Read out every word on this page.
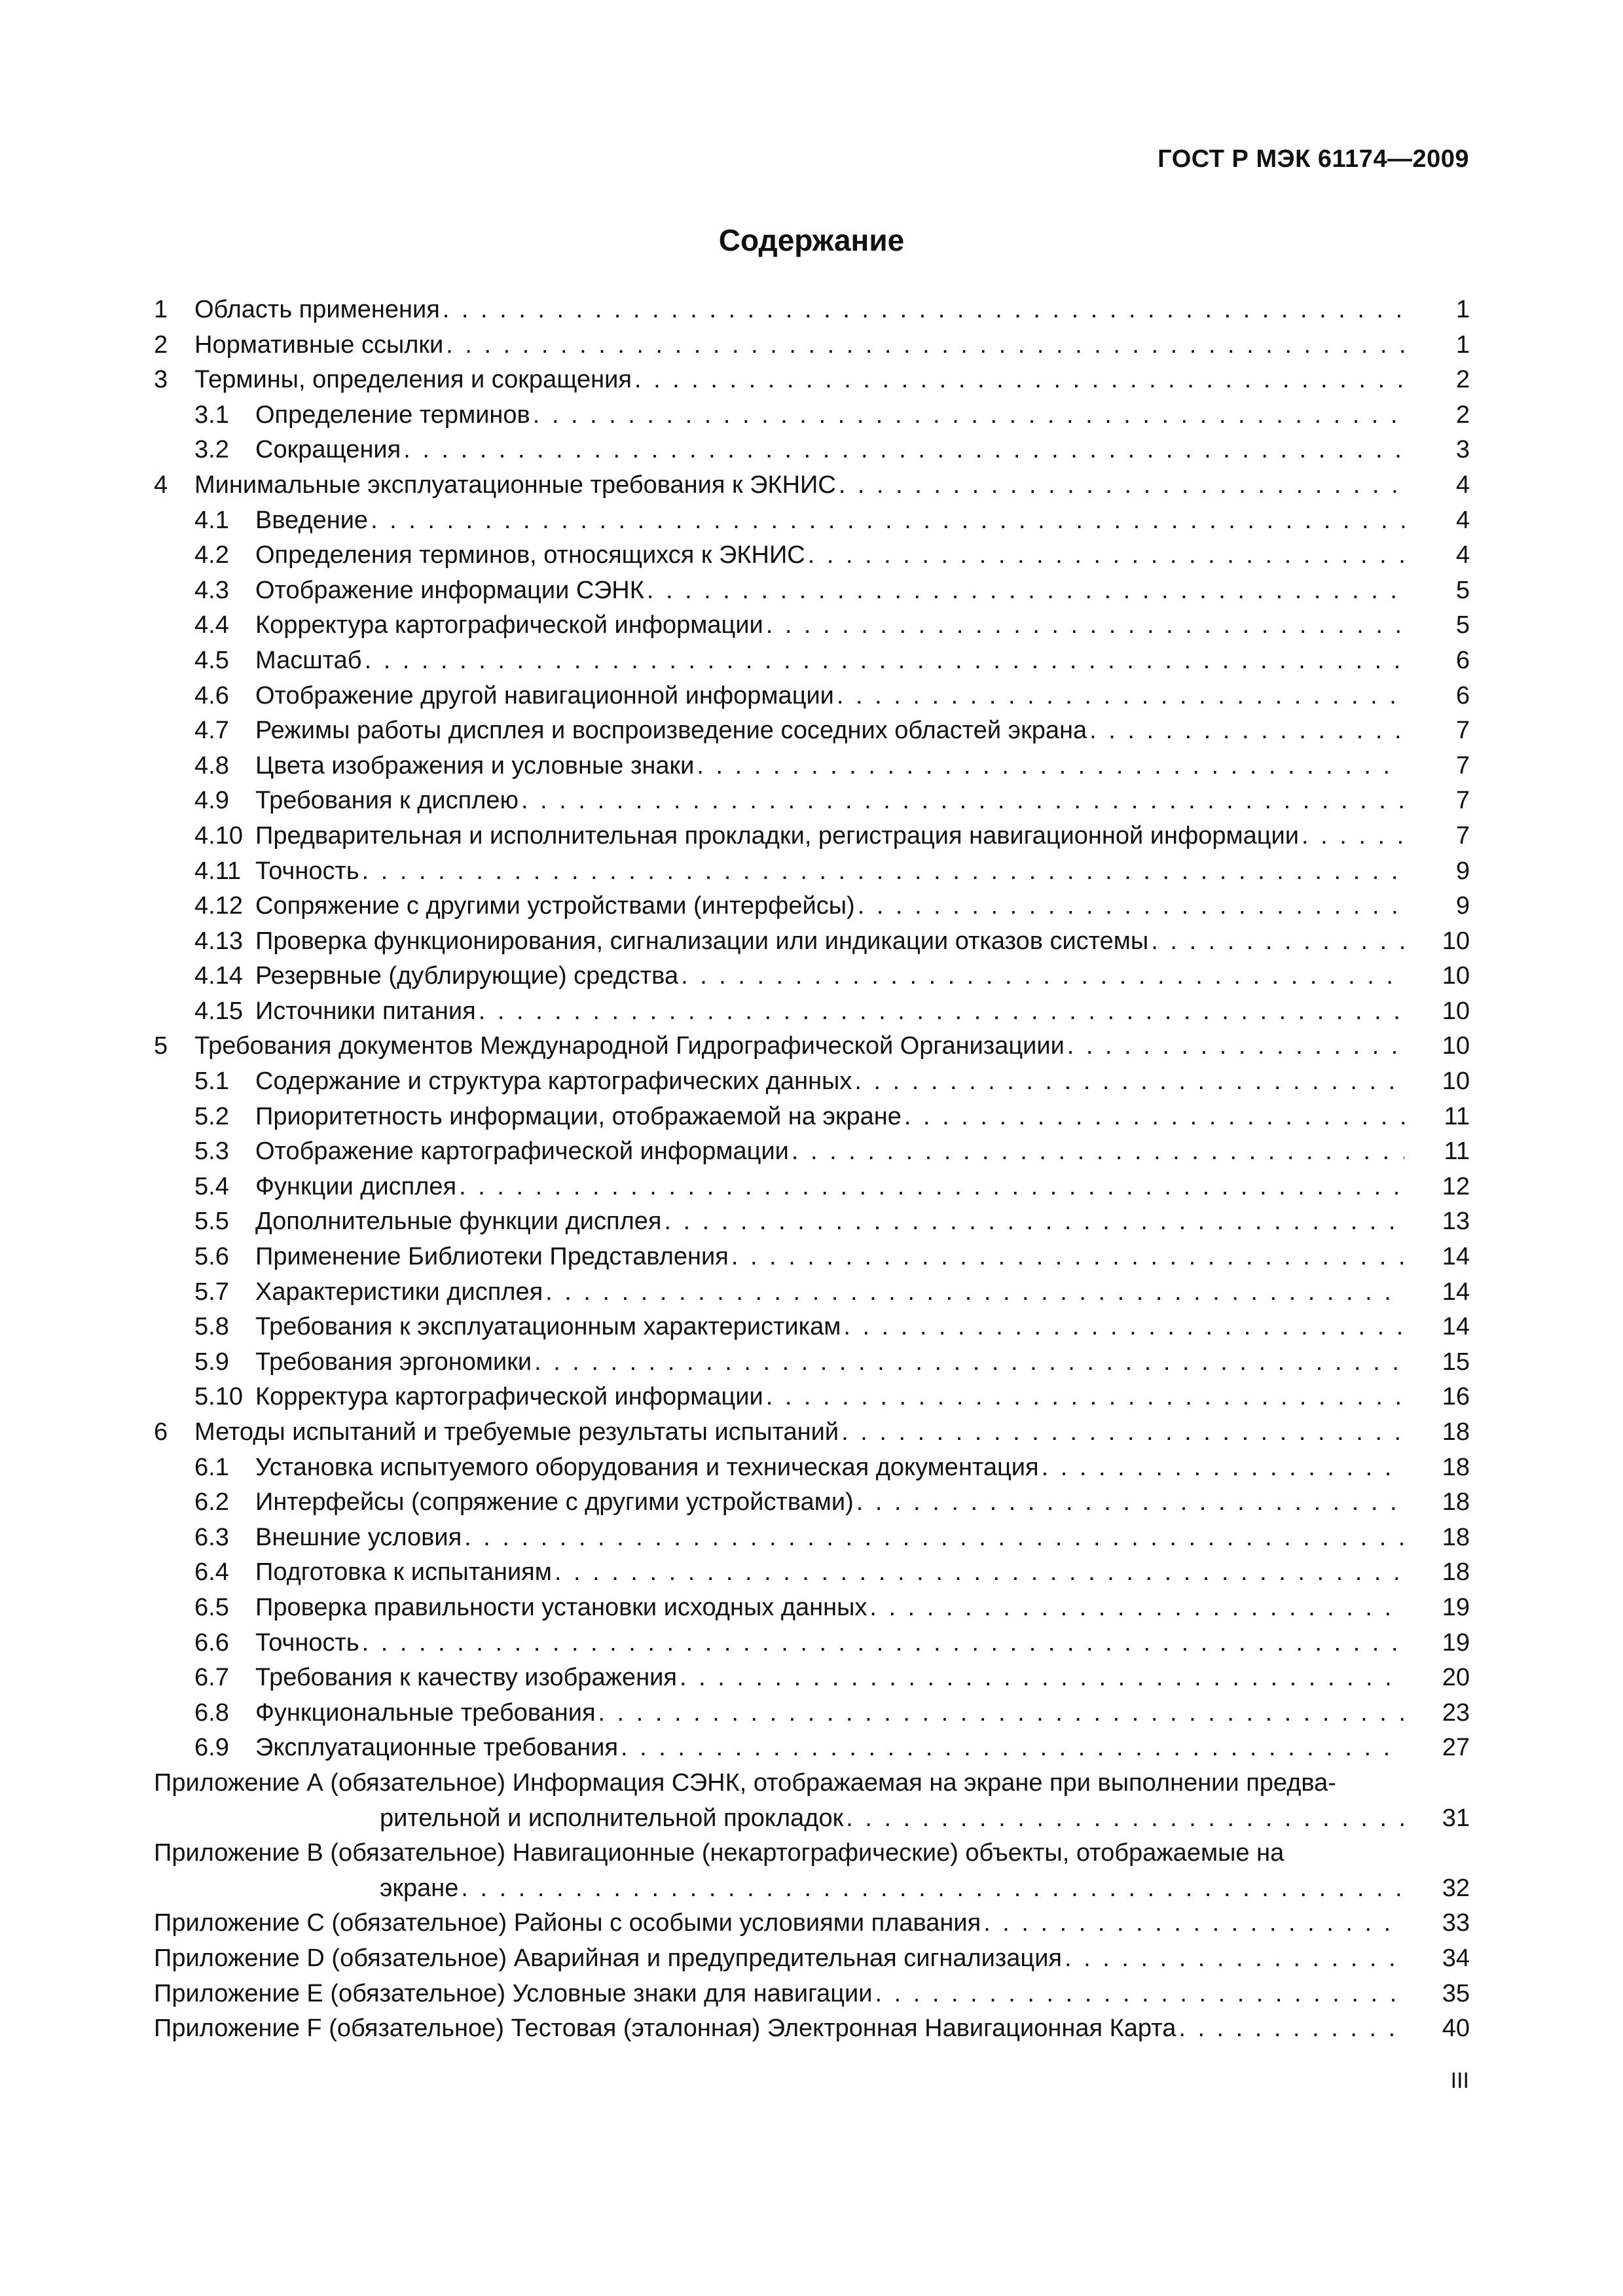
ГОСТ Р МЭК 61174—2009
Содержание
1	Область применения . . .	1
2	Нормативные ссылки . . .	1
3	Термины, определения и сокращения . . .	2
3.1	Определение терминов . . .	2
3.2	Сокращения . . .	3
4	Минимальные эксплуатационные требования к ЭКНИС . . .	4
4.1	Введение . . .	4
4.2	Определения терминов, относящихся к ЭКНИС . . .	4
4.3	Отображение информации СЭНК . . .	5
4.4	Корректура картографической информации . . .	5
4.5	Масштаб . . .	6
4.6	Отображение другой навигационной информации . . .	6
4.7	Режимы работы дисплея и воспроизведение соседних областей экрана . . .	7
4.8	Цвета изображения и условные знаки . . .	7
4.9	Требования к дисплею . . .	7
4.10 Предварительная и исполнительная прокладки, регистрация навигационной информации . . .	7
4.11 Точность . . .	9
4.12 Сопряжение с другими устройствами (интерфейсы) . . .	9
4.13 Проверка функционирования, сигнализации или индикации отказов системы . . .	10
4.14 Резервные (дублирующие) средства . . .	10
4.15 Источники питания . . .	10
5	Требования документов Международной Гидрографической Организациии . . .	10
5.1	Содержание и структура картографических данных . . .	10
5.2	Приоритетность информации, отображаемой на экране . . .	11
5.3	Отображение картографической информации . . .	11
5.4	Функции дисплея . . .	12
5.5	Дополнительные функции дисплея . . .	13
5.6	Применение Библиотеки Представления . . .	14
5.7	Характеристики дисплея . . .	14
5.8	Требования к эксплуатационным характеристикам . . .	14
5.9	Требования эргономики . . .	15
5.10 Корректура картографической информации . . .	16
6	Методы испытаний и требуемые результаты испытаний . . .	18
6.1	Установка испытуемого оборудования и техническая документация . . .	18
6.2	Интерфейсы (сопряжение с другими устройствами) . . .	18
6.3	Внешние условия . . .	18
6.4	Подготовка к испытаниям . . .	18
6.5	Проверка правильности установки исходных данных . . .	19
6.6	Точность . . .	19
6.7	Требования к качеству изображения . . .	20
6.8	Функциональные требования . . .	23
6.9	Эксплуатационные требования . . .	27
Приложение А (обязательное) Информация СЭНК, отображаемая на экране при выполнении предва-
рительной и исполнительной прокладок . . .	31
Приложение В (обязательное) Навигационные (некартографические) объекты, отображаемые на
экране . . .	32
Приложение С (обязательное) Районы с особыми условиями плавания . . .	33
Приложение D (обязательное) Аварийная и предупредительная сигнализация . . .	34
Приложение Е (обязательное) Условные знаки для навигации . . .	35
Приложение F (обязательное) Тестовая (эталонная) Электронная Навигационная Карта . . .	40
III
